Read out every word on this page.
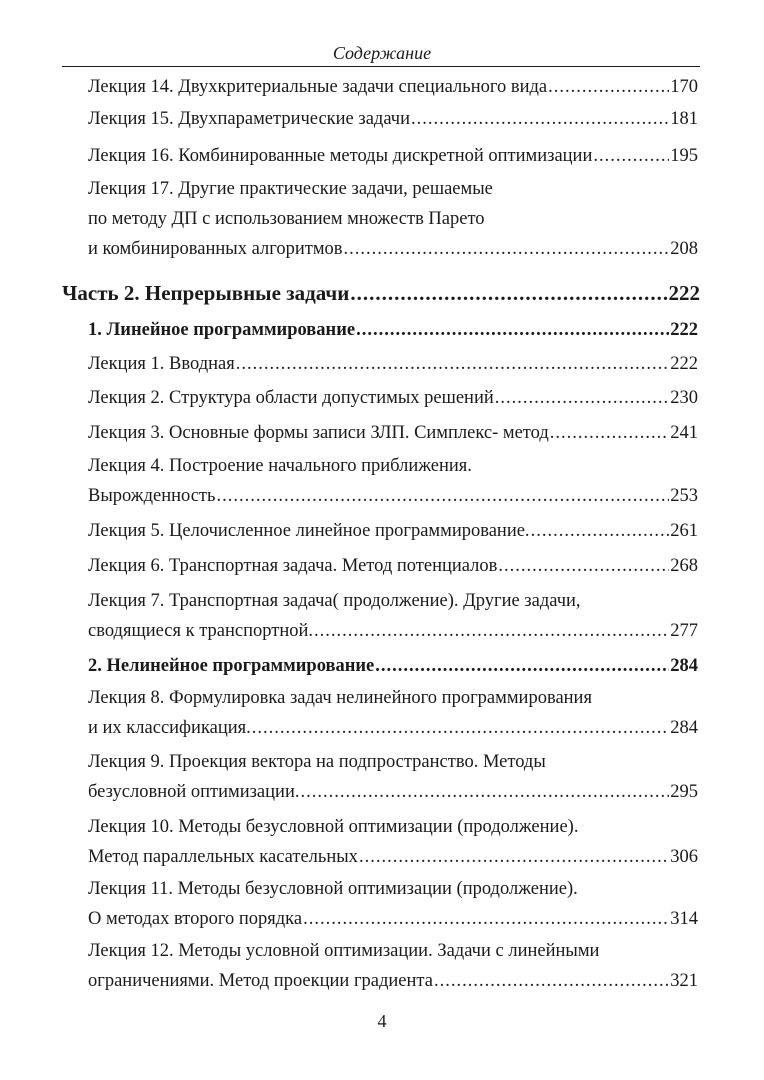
Содержание
Лекция 14. Двухкритериальные задачи специального вида .....	170
Лекция 15. Двухпараметрические задачи .....	181
Лекция 16. Комбинированные методы дискретной оптимизации .....	195
Лекция 17. Другие практические задачи, решаемые
по методу ДП с использованием множеств Парето
и комбинированных алгоритмов .....	208
Часть 2. Непрерывные задачи .....	222
1. Линейное программирование .....	222
Лекция 1. Вводная .....	222
Лекция 2. Структура области допустимых решений .....	230
Лекция 3. Основные формы записи ЗЛП. Симплекс- метод .....	241
Лекция 4. Построение начального приближения.
Вырожденность .....	253
Лекция 5. Целочисленное линейное программирование. .....	261
Лекция 6. Транспортная задача. Метод потенциалов .....	268
Лекция 7. Транспортная задача( продолжение). Другие задачи,
сводящиеся к транспортной. .....	277
2. Нелинейное программирование .....	284
Лекция 8. Формулировка задач нелинейного программирования
и их классификация. .....	284
Лекция 9. Проекция вектора на подпространство. Методы
безусловной оптимизации. .....	295
Лекция 10. Методы безусловной оптимизации (продолжение).
Метод параллельных касательных .....	306
Лекция 11. Методы безусловной оптимизации (продолжение).
О методах второго порядка .....	314
Лекция 12. Методы условной оптимизации. Задачи с линейными
ограничениями. Метод проекции градиента .....	321
4
